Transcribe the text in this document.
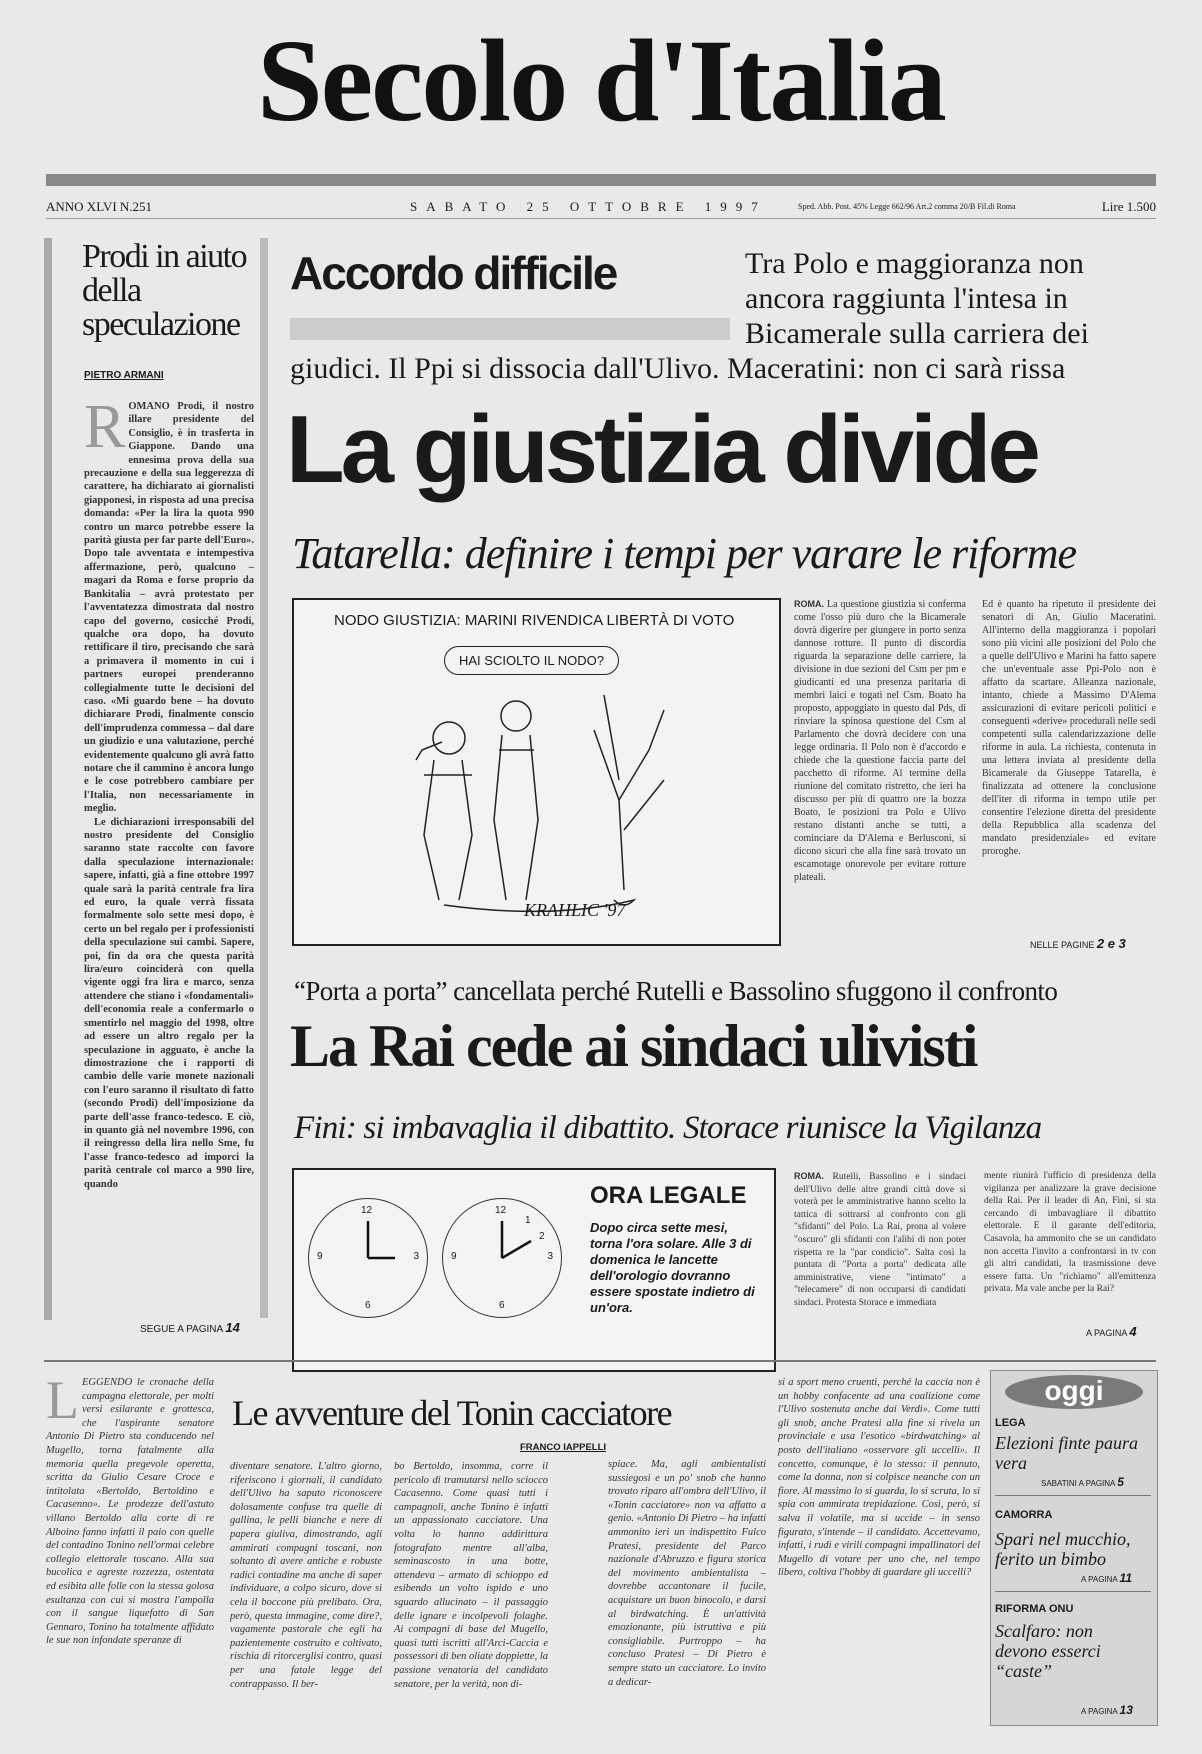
Secolo d'Italia
ANNO XLVI N.251	SABATO 25 OTTOBRE 1997	Sped. Abb. Post. 45% Legge 662/96 Art.2 comma 20/B Fil.di Roma	Lire 1.500
Prodi in aiuto della speculazione
PIETRO ARMANI
R OMANO Prodi, il nostro illare presidente del Consiglio, è in trasferta in Giappone. Dando una ennesima prova della sua precauzione e della sua leggerezza di carattere, ha dichiarato ai giornalisti giapponesi, in risposta ad una precisa domanda: «Per la lira la quota 990 contro un marco potrebbe essere la parità giusta per far parte dell'Euro». Dopo tale avventata e intempestiva affermazione, però, qualcuno – magari da Roma e forse proprio da Bankitalia – avrà protestato per l'avventatezza dimostrata dal nostro capo del governo, cosicché Prodi, qualche ora dopo, ha dovuto rettificare il tiro, precisando che sarà a primavera il momento in cui i partners europei prenderanno collegialmente tutte le decisioni del caso. «Mi guardo bene – ha dovuto dichiarare Prodi, finalmente conscio dell'imprudenza commessa – dal dare un giudizio e una valutazione, perché evidentemente qualcuno gli avrà fatto notare che il cammino è ancora lungo e le cose potrebbero cambiare per l'Italia, non necessariamente in meglio.
Le dichiarazioni irresponsabili del nostro presidente del Consiglio saranno state raccolte con favore dalla speculazione internazionale: sapere, infatti, già a fine ottobre 1997 quale sarà la parità centrale fra lira ed euro, la quale verrà fissata formalmente solo sette mesi dopo, è certo un bel regalo per i professionisti della speculazione sui cambi. Sapere, poi, fin da ora che questa parità lira/euro coinciderà con quella vigente oggi fra lira e marco, senza attendere che stiano i «fondamentali» dell'economia reale a confermarlo o smentirlo nel maggio del 1998, oltre ad essere un altro regalo per la speculazione in agguato, è anche la dimostrazione che i rapporti di cambio delle varie monete nazionali con l'euro saranno il risultato di fatto (secondo Prodi) dell'imposizione da parte dell'asse franco-tedesco. E ciò, in quanto già nel novembre 1996, con il reingresso della lira nello Sme, fu l'asse franco-tedesco ad imporci la parità centrale col marco a 990 lire, quando
SEGUE A PAGINA 14
Accordo difficile	Tra Polo e maggioranza non ancora raggiunta l'intesa in Bicamerale sulla carriera dei
giudici. Il Ppi si dissocia dall'Ulivo. Maceratini: non ci sarà rissa
La giustizia divide
Tatarella: definire i tempi per varare le riforme
NODO GIUSTIZIA: MARINI RIVENDICA LIBERTÀ DI VOTO
HAI SCIOLTO IL NODO?
KRAHLIC '97
ROMA. La questione giustizia si conferma come l'osso più duro che la Bicamerale dovrà digerire per giungere in porto senza dannose rotture. Il punto di discordia riguarda la separazione delle carriere, la divisione in due sezioni del Csm per pm e giudicanti ed una presenza paritaria di membri laici e togati nel Csm. Boato ha proposto, appoggiato in questo dal Pds, di rinviare la spinosa questione del Csm al Parlamento che dovrà decidere con una legge ordinaria. Il Polo non è d'accordo e chiede che la questione faccia parte del pacchetto di riforme. Al termine della riunione del comitato ristretto, che ieri ha discusso per più di quattro ore la bozza Boato, le posizioni tra Polo e Ulivo restano distanti anche se tutti, a cominciare da D'Alema e Berlusconi, si dicono sicuri che alla fine sarà trovato un escamotage onorevole per evitare rotture plateali.
Ed è quanto ha ripetuto il presidente dei senatori di An, Giulio Maceratini. All'interno della maggioranza i popolari sono più vicini alle posizioni del Polo che a quelle dell'Ulivo e Marini ha fatto sapere che un'eventuale asse Ppi-Polo non è affatto da scartare. Alleanza nazionale, intanto, chiede a Massimo D'Alema assicurazioni di evitare pericoli politici e conseguenti «derive» procedurali nelle sedi competenti sulla calendarizzazione delle riforme in aula. La richiesta, contenuta in una lettera inviata al presidente della Bicamerale da Giuseppe Tatarella, è finalizzata ad ottenere la conclusione dell'iter di riforma in tempo utile per consentire l'elezione diretta del presidente della Repubblica alla scadenza del mandato presidenziale» ed evitare proroghe.
NELLE PAGINE 2 e 3
“Porta a porta” cancellata perché Rutelli e Bassolino sfuggono il confronto
La Rai cede ai sindaci ulivisti
Fini: si imbavaglia il dibattito. Storace riunisce la Vigilanza
12
3
6
9
12
1
2
3
6
9
ORA LEGALE
Dopo circa sette mesi, torna l'ora solare. Alle 3 di domenica le lancette dell'orologio dovranno essere spostate indietro di un'ora.
ROMA. Rutelli, Bassolino e i sindaci dell'Ulivo delle altre grandi città dove si voterà per le amministrative hanno scelto la tattica di sottrarsi al confronto con gli "sfidanti" del Polo. La Rai, prona al volere "oscuro" gli sfidanti con l'alibi di non poter rispetta re la "par condicio". Salta così la puntata di "Porta a porta" dedicata alle amministrative, viene "intimato" a "telecamere" di non occuparsi di candidati sindaci. Protesta Storace e immediata
mente riunirà l'ufficio di presidenza della vigilanza per analizzare la grave decisione della Rai. Per il leader di An, Fini, si sta cercando di imbavagliare il dibattito elettorale. E il garante dell'editoria, Casavola, ha ammonito che se un candidato non accetta l'invito a confrontarsi in tv con gli altri candidati, la trasmissione deve essere fatta. Un "richiamo" all'emittenza privata. Ma vale anche per la Rai?
A PAGINA 4
L EGGENDO le cronache della campagna elettorale, per molti versi esilarante e grottesca, che l'aspirante senatore Antonio Di Pietro sta conducendo nel Mugello, torna fatalmente alla memoria quella pregevole operetta, scritta da Giulio Cesare Croce e intitolata «Bertoldo, Bertoldino e Cacasenno». Le prodezze dell'astuto villano Bertoldo alla corte di re Alboino fanno infatti il paio con quelle del contadino Tonino nell'ormai celebre collegio elettorale toscano. Alla sua bucolica e agreste rozzezza, ostentata ed esibita alle folle con la stessa golosa esultanza con cui si mostra l'ampolla con il sangue liquefatto di San Gennaro, Tonino ha totalmente affidato le sue non infondate speranze di
Le avventure del Tonin cacciatore
FRANCO IAPPELLI
diventare senatore. L'altro giorno, riferiscono i giornali, il candidato dell'Ulivo ha saputo riconoscere dolosamente confuse tra quelle di gallina, le pelli bianche e nere di papera giuliva, dimostrando, agli ammirati compagni toscani, non soltanto di avere antiche e robuste radici contadine ma anche di saper individuare, a colpo sicuro, dove si cela il boccone più prelibato. Ora, però, questa immagine, come dire?, vagamente pastorale che egli ha pazientemente costruito e coltivato, rischia di ritorcerglisi contro, quasi per una fatale legge del contrappasso. Il ber-
bo Bertoldo, insomma, corre il pericolo di tramutarsi nello sciocco Cacasenno. Come quasi tutti i campagnoli, anche Tonino è infatti un appassionato cacciatore. Una volta lo hanno addirittura fotografato mentre all'alba, seminascosto in una botte, attendeva – armato di schioppo ed esibendo un volto ispido e uno sguardo allucinato – il passaggio delle ignare e incolpevoli folaghe. Ai compagni di base del Mugello, quasi tutti iscritti all'Arci-Caccia e possessori di ben oliate doppiette, la passione venatoria del candidato senatore, per la verità, non di-
spiace. Ma, agli ambientalisti sussiegosi e un po' snob che hanno trovato riparo all'ombra dell'Ulivo, il «Tonin cacciatore» non va affatto a genio. «Antonio Di Pietro – ha infatti ammonito ieri un indispettito Fulco Pratesi, presidente del Parco nazionale d'Abruzzo e figura storica del movimento ambientalista – dovrebbe accantonare il fucile, acquistare un buon binocolo, e darsi al birdwatching. È un'attività emozionante, più istruttiva e più consigliabile. Purtroppo – ha concluso Pratesi – Di Pietro è sempre stato un cacciatore. Lo invito a dedicar-
si a sport meno cruenti, perché la caccia non è un hobby confacente ad una coalizione come l'Ulivo sostenuta anche dai Verdi». Come tutti gli snob, anche Pratesi alla fine si rivela un provinciale e usa l'esotico «birdwatching» al posto dell'italiano «osservare gli uccelli». Il concetto, comunque, è lo stesso: il pennuto, come la donna, non si colpisce neanche con un fiore. Al massimo lo si guarda, lo si scruta, lo si spia con ammirata trepidazione. Così, però, si salva il volatile, ma si uccide – in senso figurato, s'intende – il candidato. Accettevamo, infatti, i rudi e virili compagni impallinatori del Mugello di votare per uno che, nel tempo libero, coltiva l'hobby di guardare gli uccelli?
oggi
LEGA
Elezioni finte paura vera
SABATINI A PAGINA 5
CAMORRA
Spari nel mucchio, ferito un bimbo
A PAGINA 11
RIFORMA ONU
Scalfaro: non devono esserci “caste”
A PAGINA 13
